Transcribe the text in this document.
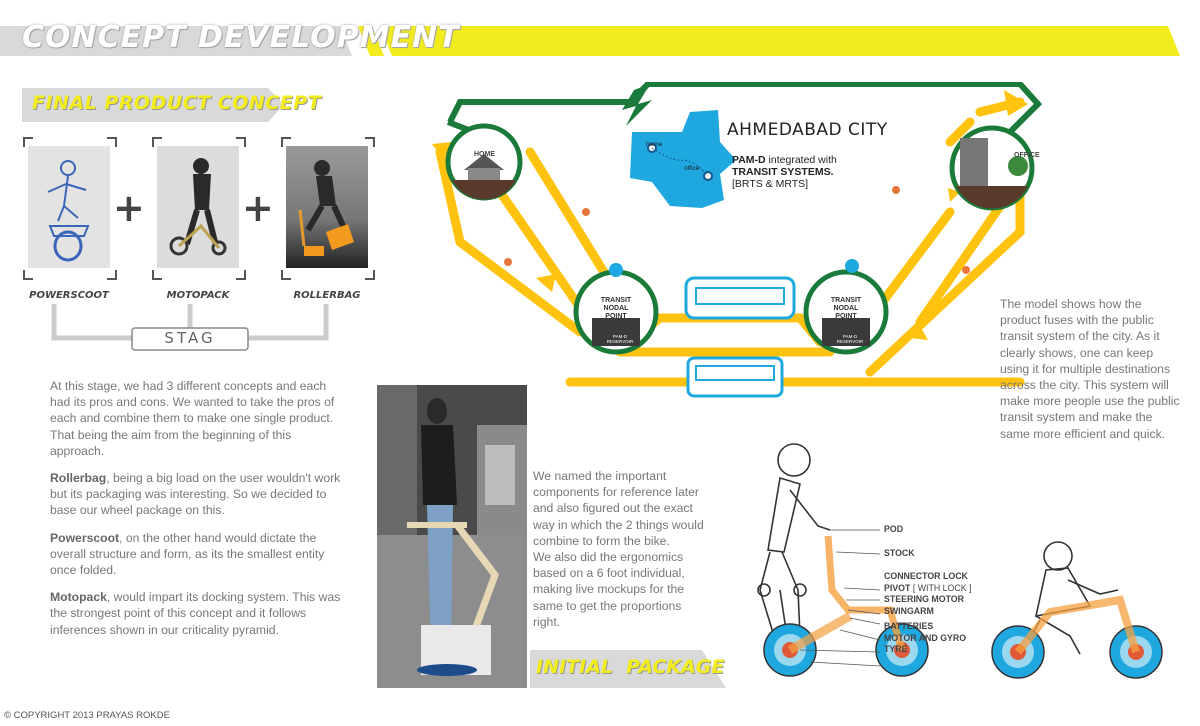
CONCEPT DEVELOPMENT
FINAL PRODUCT CONCEPT
+	+
POWERSCOOT	MOTOPACK	ROLLERBAG
STAG

At this stage, we had 3 different concepts and each had its pros and cons. We wanted to take the pros of each and combine them to make one single product. That being the aim from the beginning of this approach.

Rollerbag, being a big load on the user wouldn't work but its packaging was interesting. So we decided to base our wheel package on this.

Powerscoot, on the other hand would dictate the overall structure and form, as its the smallest entity once folded.

Motopack, would impart its docking system. This was the strongest point of this concept and it follows inferences shown in our criticality pyramid.

We named the important components for reference later and also figured out the exact way in which the 2 things would combine to form the bike.

We also did the ergonomics based on a 6 foot individual, making live mockups for the same to get the proportions right.

INITIAL  PACKAGE
AHMEDABAD CITY
PAM-D integrated with
TRANSIT SYSTEMS.
[BRTS & MRTS]
home
office
ELECTRICITY GRID
HOME	OFFICE
TRANSIT
NODAL POINT
TRANSIT
NODAL POINT
PAM-D RESERVOIR
PAM-D RESERVOIR
The model shows how the product fuses with the public transit system of the city. As it clearly shows, one can keep using it for multiple destinations across the city. This system will make more people use the public transit system and make the same more efficient and quick.
POD
STOCK
CONNECTOR LOCK
PIVOT [ WITH LOCK ]
STEERING MOTOR
SWINGARM
BATTERIES
MOTOR AND GYRO
TYRE
© COPYRIGHT 2013 PRAYAS ROKDE
